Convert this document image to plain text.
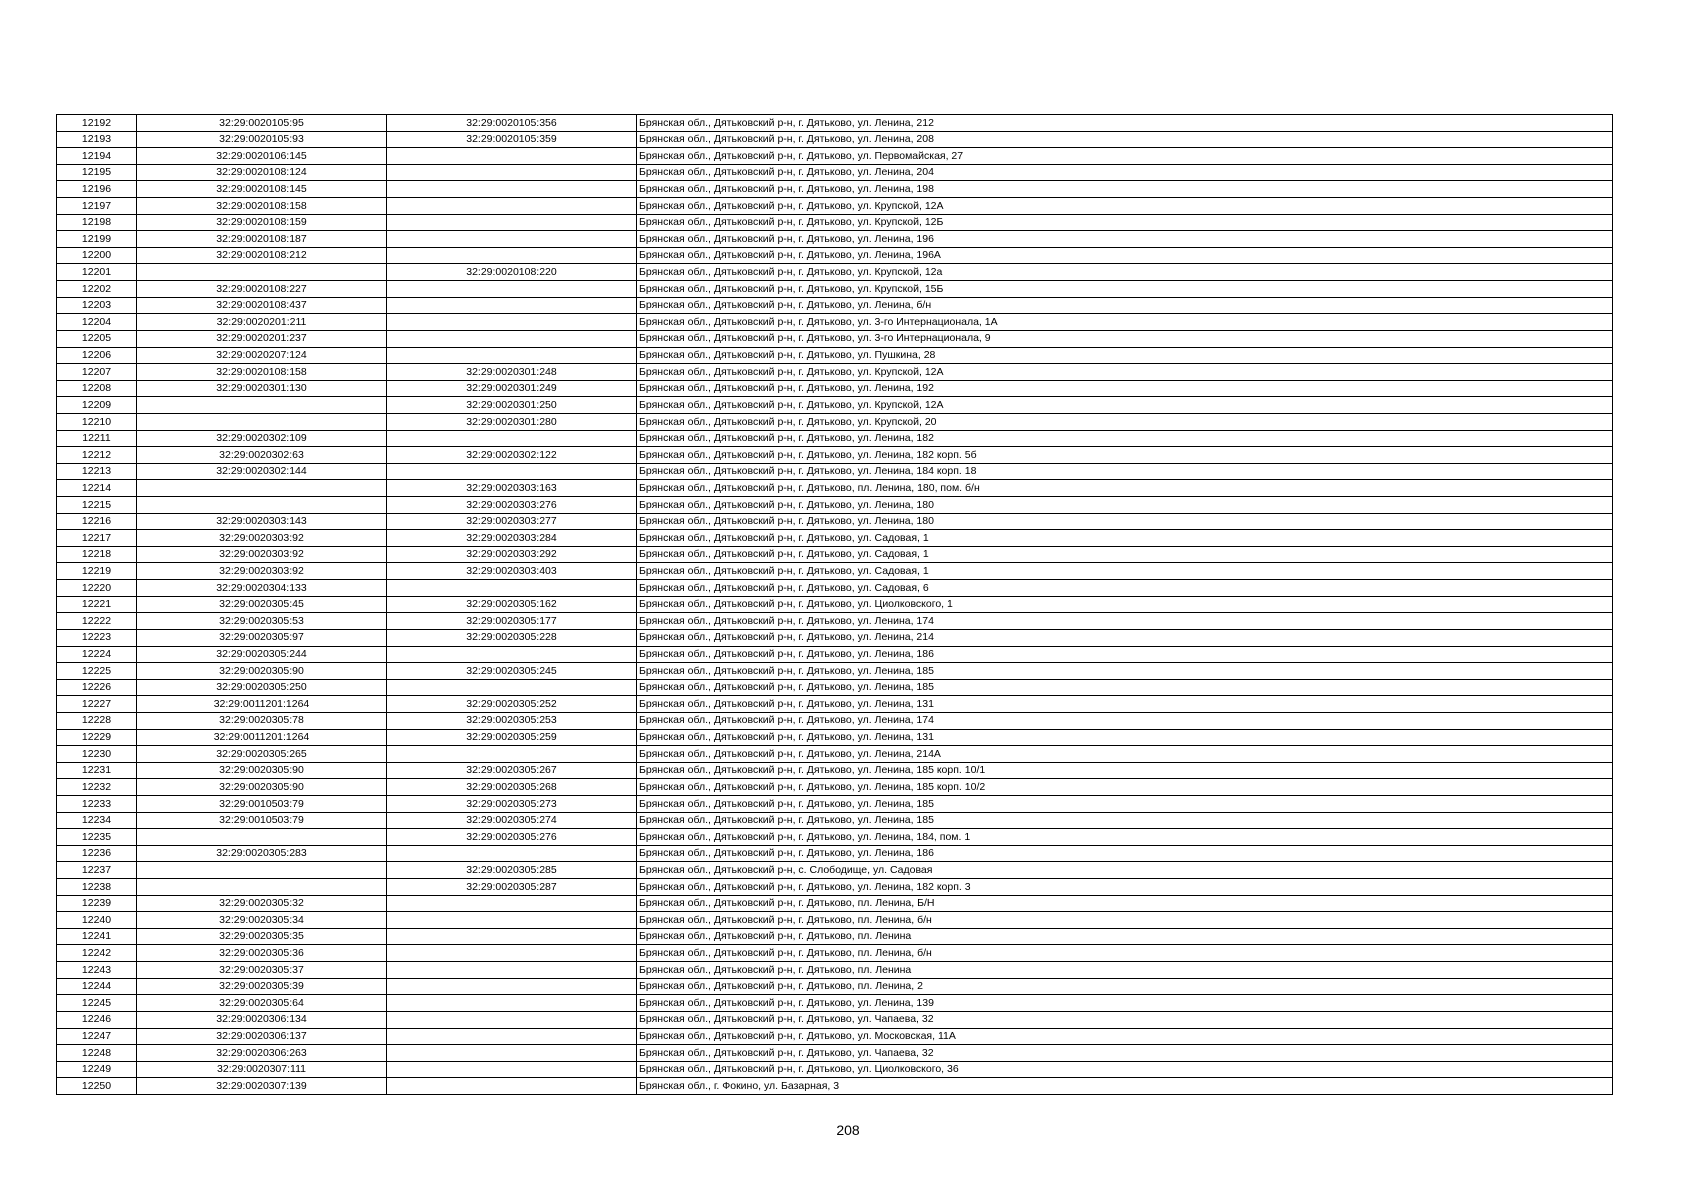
12192	32:29:0020105:95	32:29:0020105:356	Брянская обл., Дятьковский р-н, г. Дятьково, ул. Ленина, 212
12193	32:29:0020105:93	32:29:0020105:359	Брянская обл., Дятьковский р-н, г. Дятьково, ул. Ленина, 208
12194	32:29:0020106:145		Брянская обл., Дятьковский р-н, г. Дятьково, ул. Первомайская, 27
12195	32:29:0020108:124		Брянская обл., Дятьковский р-н, г. Дятьково, ул. Ленина, 204
12196	32:29:0020108:145		Брянская обл., Дятьковский р-н, г. Дятьково, ул. Ленина, 198
12197	32:29:0020108:158		Брянская обл., Дятьковский р-н, г. Дятьково, ул. Крупской, 12А
12198	32:29:0020108:159		Брянская обл., Дятьковский р-н, г. Дятьково, ул. Крупской, 12Б
12199	32:29:0020108:187		Брянская обл., Дятьковский р-н, г. Дятьково, ул. Ленина, 196
12200	32:29:0020108:212		Брянская обл., Дятьковский р-н, г. Дятьково, ул. Ленина, 196А
12201		32:29:0020108:220	Брянская обл., Дятьковский р-н, г. Дятьково, ул. Крупской, 12а
12202	32:29:0020108:227		Брянская обл., Дятьковский р-н, г. Дятьково, ул. Крупской, 15Б
12203	32:29:0020108:437		Брянская обл., Дятьковский р-н, г. Дятьково, ул. Ленина, б/н
12204	32:29:0020201:211		Брянская обл., Дятьковский р-н, г. Дятьково, ул. 3-го Интернационала, 1А
12205	32:29:0020201:237		Брянская обл., Дятьковский р-н, г. Дятьково, ул. 3-го Интернационала, 9
12206	32:29:0020207:124		Брянская обл., Дятьковский р-н, г. Дятьково, ул. Пушкина, 28
12207	32:29:0020108:158	32:29:0020301:248	Брянская обл., Дятьковский р-н, г. Дятьково, ул. Крупской, 12А
12208	32:29:0020301:130	32:29:0020301:249	Брянская обл., Дятьковский р-н, г. Дятьково, ул. Ленина, 192
12209		32:29:0020301:250	Брянская обл., Дятьковский р-н, г. Дятьково, ул. Крупской, 12А
12210		32:29:0020301:280	Брянская обл., Дятьковский р-н, г. Дятьково, ул. Крупской, 20
12211	32:29:0020302:109		Брянская обл., Дятьковский р-н, г. Дятьково, ул. Ленина, 182
12212	32:29:0020302:63	32:29:0020302:122	Брянская обл., Дятьковский р-н, г. Дятьково, ул. Ленина, 182 корп. 5б
12213	32:29:0020302:144		Брянская обл., Дятьковский р-н, г. Дятьково, ул. Ленина, 184 корп. 18
12214		32:29:0020303:163	Брянская обл., Дятьковский р-н, г. Дятьково, пл. Ленина, 180, пом. б/н
12215		32:29:0020303:276	Брянская обл., Дятьковский р-н, г. Дятьково, ул. Ленина, 180
12216	32:29:0020303:143	32:29:0020303:277	Брянская обл., Дятьковский р-н, г. Дятьково, ул. Ленина, 180
12217	32:29:0020303:92	32:29:0020303:284	Брянская обл., Дятьковский р-н, г. Дятьково, ул. Садовая, 1
12218	32:29:0020303:92	32:29:0020303:292	Брянская обл., Дятьковский р-н, г. Дятьково, ул. Садовая, 1
12219	32:29:0020303:92	32:29:0020303:403	Брянская обл., Дятьковский р-н, г. Дятьково, ул. Садовая, 1
12220	32:29:0020304:133		Брянская обл., Дятьковский р-н, г. Дятьково, ул. Садовая, 6
12221	32:29:0020305:45	32:29:0020305:162	Брянская обл., Дятьковский р-н, г. Дятьково, ул. Циолковского, 1
12222	32:29:0020305:53	32:29:0020305:177	Брянская обл., Дятьковский р-н, г. Дятьково, ул. Ленина, 174
12223	32:29:0020305:97	32:29:0020305:228	Брянская обл., Дятьковский р-н, г. Дятьково, ул. Ленина, 214
12224	32:29:0020305:244		Брянская обл., Дятьковский р-н, г. Дятьково, ул. Ленина, 186
12225	32:29:0020305:90	32:29:0020305:245	Брянская обл., Дятьковский р-н, г. Дятьково, ул. Ленина, 185
12226	32:29:0020305:250		Брянская обл., Дятьковский р-н, г. Дятьково, ул. Ленина, 185
12227	32:29:0011201:1264	32:29:0020305:252	Брянская обл., Дятьковский р-н, г. Дятьково, ул. Ленина, 131
12228	32:29:0020305:78	32:29:0020305:253	Брянская обл., Дятьковский р-н, г. Дятьково, ул. Ленина, 174
12229	32:29:0011201:1264	32:29:0020305:259	Брянская обл., Дятьковский р-н, г. Дятьково, ул. Ленина, 131
12230	32:29:0020305:265		Брянская обл., Дятьковский р-н, г. Дятьково, ул. Ленина, 214А
12231	32:29:0020305:90	32:29:0020305:267	Брянская обл., Дятьковский р-н, г. Дятьково, ул. Ленина, 185 корп. 10/1
12232	32:29:0020305:90	32:29:0020305:268	Брянская обл., Дятьковский р-н, г. Дятьково, ул. Ленина, 185 корп. 10/2
12233	32:29:0010503:79	32:29:0020305:273	Брянская обл., Дятьковский р-н, г. Дятьково, ул. Ленина, 185
12234	32:29:0010503:79	32:29:0020305:274	Брянская обл., Дятьковский р-н, г. Дятьково, ул. Ленина, 185
12235		32:29:0020305:276	Брянская обл., Дятьковский р-н, г. Дятьково, ул. Ленина, 184, пом. 1
12236	32:29:0020305:283		Брянская обл., Дятьковский р-н, г. Дятьково, ул. Ленина, 186
12237		32:29:0020305:285	Брянская обл., Дятьковский р-н, с. Слободище, ул. Садовая
12238		32:29:0020305:287	Брянская обл., Дятьковский р-н, г. Дятьково, ул. Ленина, 182 корп. 3
12239	32:29:0020305:32		Брянская обл., Дятьковский р-н, г. Дятьково, пл. Ленина, Б/Н
12240	32:29:0020305:34		Брянская обл., Дятьковский р-н, г. Дятьково, пл. Ленина, б/н
12241	32:29:0020305:35		Брянская обл., Дятьковский р-н, г. Дятьково, пл. Ленина
12242	32:29:0020305:36		Брянская обл., Дятьковский р-н, г. Дятьково, пл. Ленина, б/н
12243	32:29:0020305:37		Брянская обл., Дятьковский р-н, г. Дятьково, пл. Ленина
12244	32:29:0020305:39		Брянская обл., Дятьковский р-н, г. Дятьково, пл. Ленина, 2
12245	32:29:0020305:64		Брянская обл., Дятьковский р-н, г. Дятьково, ул. Ленина, 139
12246	32:29:0020306:134		Брянская обл., Дятьковский р-н, г. Дятьково, ул. Чапаева, 32
12247	32:29:0020306:137		Брянская обл., Дятьковский р-н, г. Дятьково, ул. Московская, 11А
12248	32:29:0020306:263		Брянская обл., Дятьковский р-н, г. Дятьково, ул. Чапаева, 32
12249	32:29:0020307:111		Брянская обл., Дятьковский р-н, г. Дятьково, ул. Циолковского, 36
12250	32:29:0020307:139		Брянская обл., г. Фокино, ул. Базарная, 3
208
